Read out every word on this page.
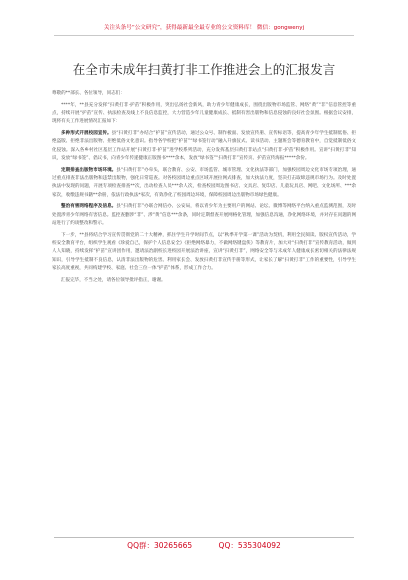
关注头条号“公文研究”，获得最新最全最专业的公文资料库！ 微信：gongwenyj
在全市未成年扫黄打非工作推进会上的汇报发言

尊敬的**部长、各位领导，同志们：

****年，**县充分发挥“扫黄打非·护苗”积极作用，突出弘扬社会新风，助力青少年健康成长，围绕出版物市场监管、网络“黄”“非”信息管控等重点，持续开展“护苗”宣传、执法检查及线上不良信息监控，大力营造少年儿童健康成长、抵制有害出版物和信息侵蚀的良好社会氛围。根据会议安排，现将有关工作进展情况汇报如下：

多种形式开展校园宣传。县“扫黄打非”办结合“护苗”宣传活动，通过公众号、制作板面、发放宣传册、宣传标语等，提高青少年学生抵制低俗、拒绝盗版、拒绝非法出版物、拒绝低俗文化意识。指导各学校把“护苗”“绿书签行动”融入升旗仪式、读书活动、主题班会等德育教育中，自觉抵制低俗文化侵蚀。深入各乡村社区基层工作站开展“扫黄打非·护苗”进学校系列活动，充分发挥基层扫黄打非站点“扫黄打非·护苗”积极作用。宣讲“扫黄打非”知识，发放“绿书签”、倡议书，向青少年传递健康正版图书****余本，发放“绿书签”“扫黄打非”宣传页、护苗宣传海报*****余份。

定期排查出版物市场环境。县“扫黄打非”办牵头，联合教育、公安、市场监管、城市管理、文化执法等部门，加强校园周边文化市场专项治理，通过重点排查非法出版物和违禁出版物，强化日常巡查。对各校园周边重点区域开展拉网式排查，加大执法力度，坚决打击取缔违规市场行为。及时处置执法中发现的问题，开展专项检查排查**次，出动检查人员***余人次，检查校园周边图书店、文具店、复印店、儿童玩具店、网吧、文化场所、***余家次，收缴违规书籍**余册，依法行政执法*家次，有效净化了校园周边环境，保障校园周边出版物市场绿色健康。

整治有害网络程序及信息。县“扫黄打非”办联合网信办、公安局，将以青少年为主要用户的网站、论坛、微博等网络平台纳入重点监测范围，及时处置涉青少年网络有害信息。监控查删涉“非”、涉“黄”信息***余条，同时定期督查开展网格化管理，加强信息沟通，净化网络环境，并对存在问题的网站进行了约谈整改和警示。

下一步，**县将结合学习宣传贯彻党的二十大精神，抓住学生升学时间节点，以“秋季开学第一课”活动为契机，利用全民阅读、版权宣传活动，学校安全教育平台，组织学生观看《珍爱自己，保护个人信息安全》《拒绝网络暴力，不做网络键盘侠》等教育片，加大对“扫黄打非”宣传教育活动，做到人人知晓，持续发挥“护苗”宣讲团作用，邀请法治副校长进校园开展法治讲座，宣讲“扫黄打非”，网络安全等与未成年人健康成长密切相关的法律法规知识，引导学生抵制不良信息，认清非法出版物的危害。利用家长会、发放扫黄打非宣传手册等形式，让家长了解“扫黄打非”工作的重要性，引导学生家长高度重视，共同构建学校、家庭、社会三位一体“护苗”体系，形成工作合力。

汇报完毕，不当之处，请各位领导批评指正，谢谢。

QQ群：30265665	QQ：535304092
